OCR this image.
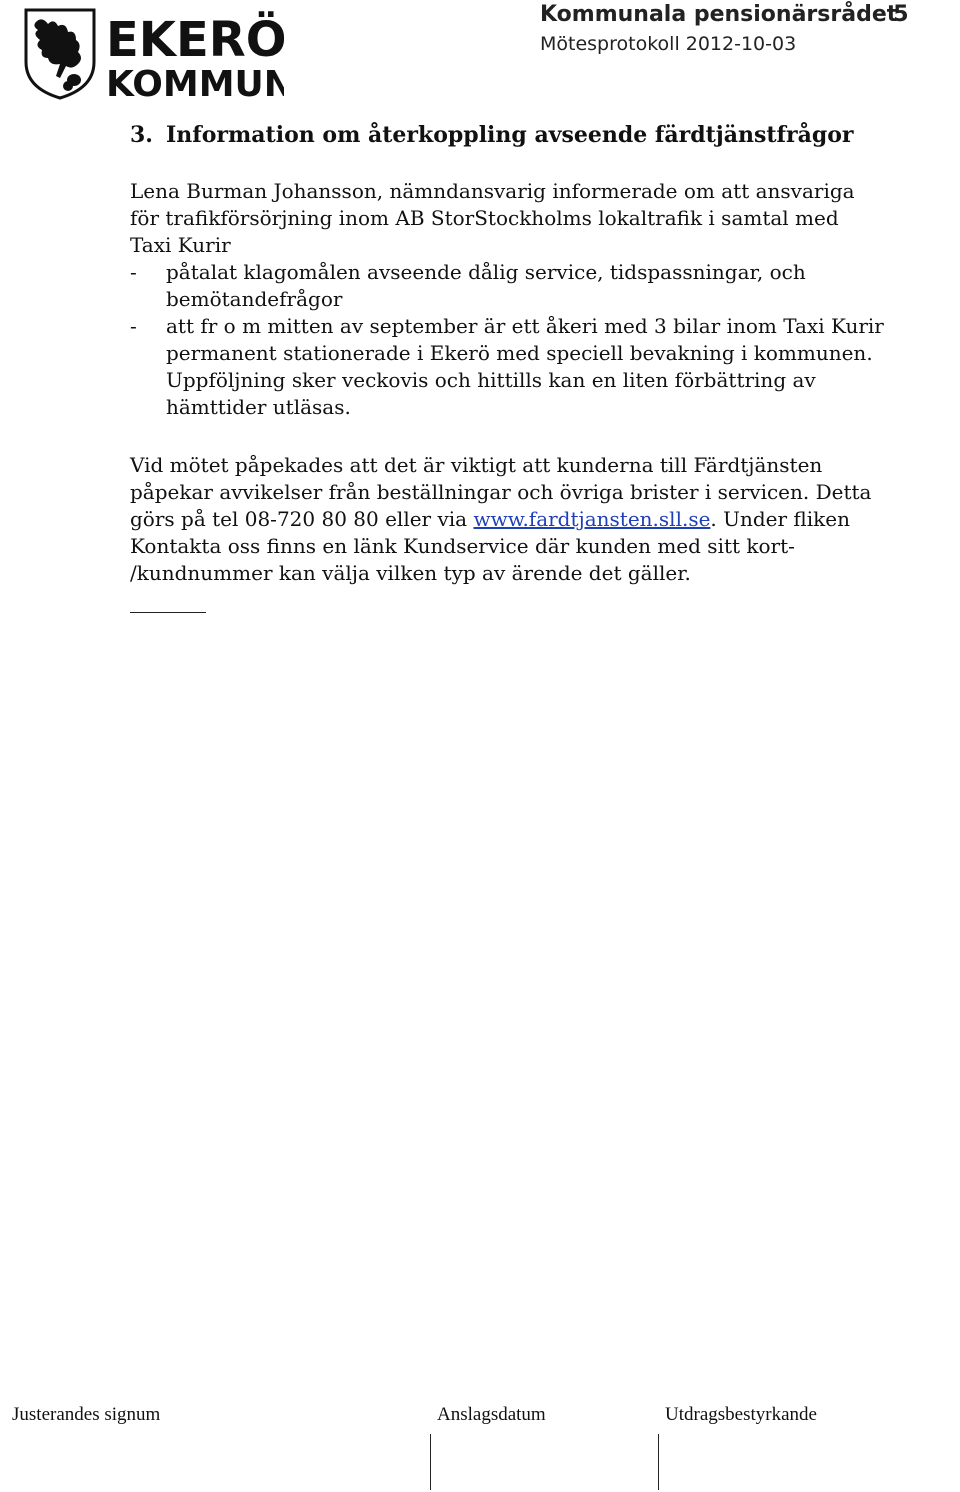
EKERÖ
KOMMUN
Kommunala pensionärsrådet5
Mötesprotokoll 2012-10-03
3. Information om återkoppling avseende färdtjänstfrågor
Lena Burman Johansson, nämndansvarig informerade om att ansvariga
för trafikförsörjning inom AB StorStockholms lokaltrafik i samtal med
Taxi Kurir
-	påtalat klagomålen avseende dålig service, tidspassningar, och
bemötandefrågor
-	att fr o m mitten av september är ett åkeri med 3 bilar inom Taxi Kurir
permanent stationerade i Ekerö med speciell bevakning i kommunen.
Uppföljning sker veckovis och hittills kan en liten förbättring av
hämttider utläsas.
Vid mötet påpekades att det är viktigt att kunderna till Färdtjänsten
påpekar avvikelser från beställningar och övriga brister i servicen. Detta
görs på tel 08-720 80 80 eller via www.fardtjansten.sll.se. Under fliken
Kontakta oss finns en länk Kundservice där kunden med sitt kort-
/kundnummer kan välja vilken typ av ärende det gäller.
Justerandes signum	Anslagsdatum	Utdragsbestyrkande
